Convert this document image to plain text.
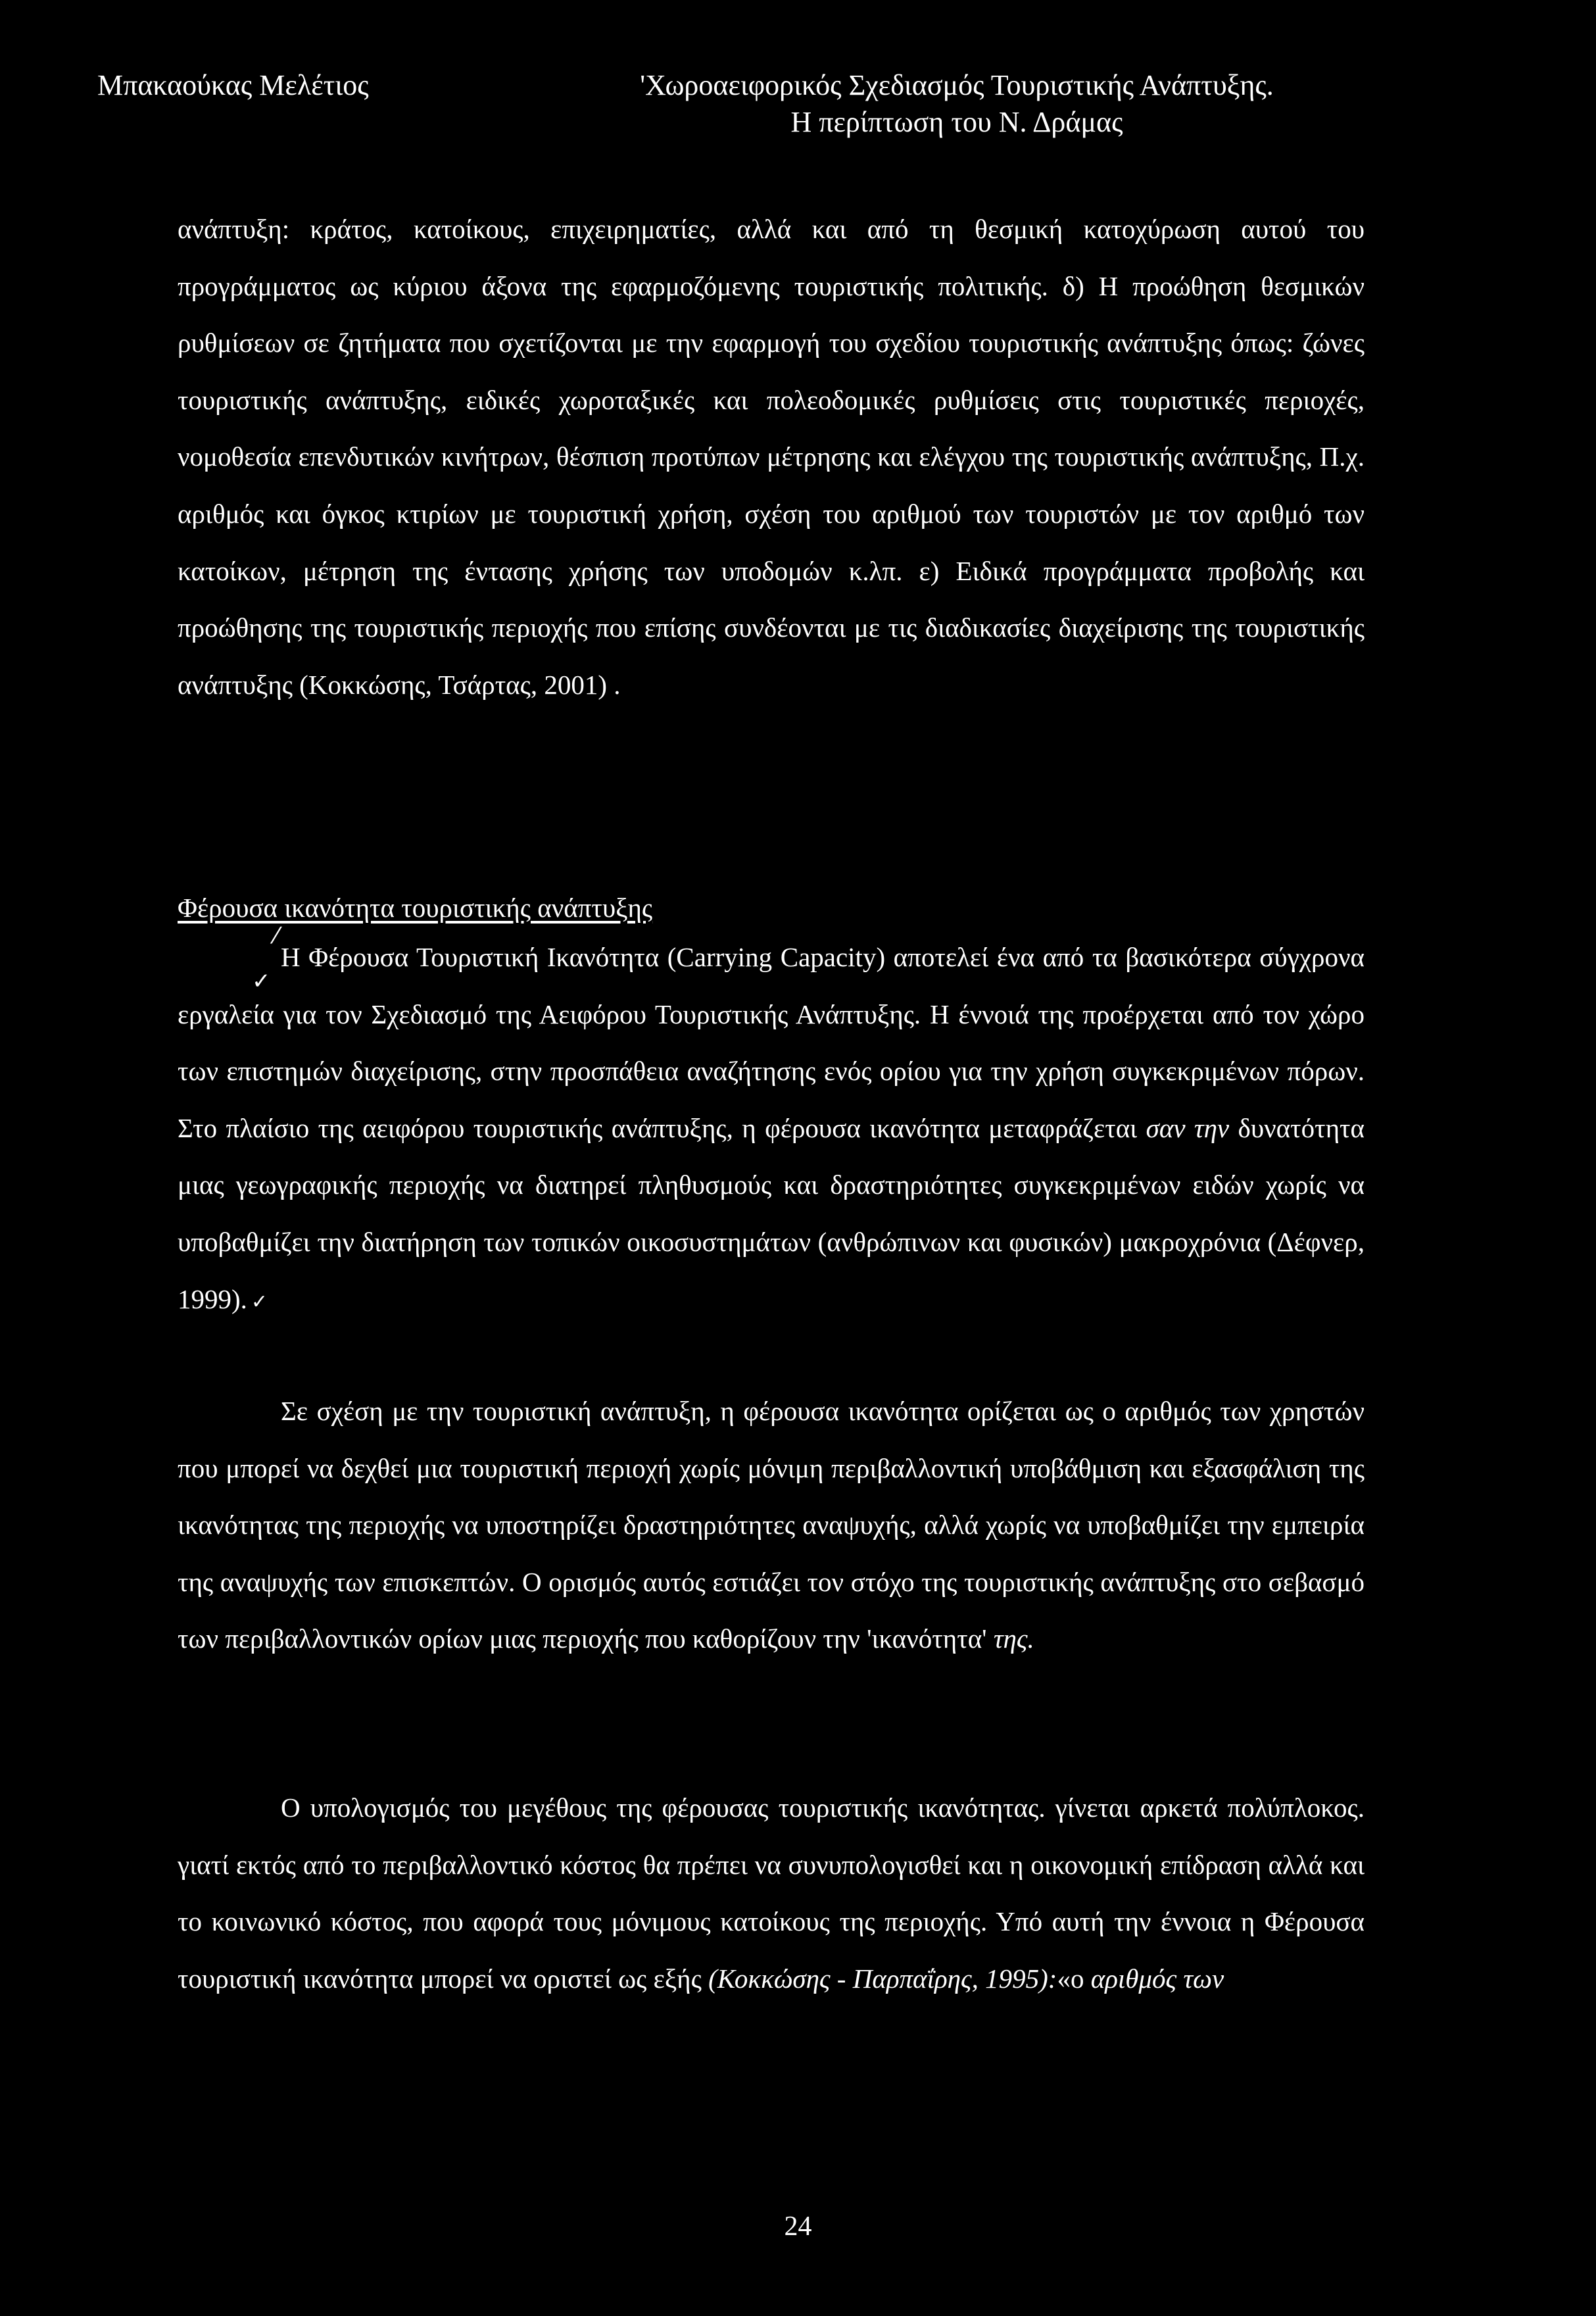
Μπακαούκας Μελέτιος	'Χωροαειφορικός Σχεδιασμός Τουριστικής Ανάπτυξης.
Η περίπτωση του Ν. Δράμας
ανάπτυξη: κράτος, κατοίκους, επιχειρηματίες, αλλά και από τη θεσμική κατοχύρωση αυτού του προγράμματος ως κύριου άξονα της εφαρμοζόμενης τουριστικής πολιτικής. δ) Η προώθηση θεσμικών ρυθμίσεων σε ζητήματα που σχετίζονται με την εφαρμογή του σχεδίου τουριστικής ανάπτυξης όπως: ζώνες τουριστικής ανάπτυξης, ειδικές χωροταξικές και πολεοδομικές ρυθμίσεις στις τουριστικές περιοχές, νομοθεσία επενδυτικών κινήτρων, θέσπιση προτύπων μέτρησης και ελέγχου της τουριστικής ανάπτυξης, Π.χ. αριθμός και όγκος κτιρίων με τουριστική χρήση, σχέση του αριθμού των τουριστών με τον αριθμό των κατοίκων, μέτρηση της έντασης χρήσης των υποδομών κ.λπ. ε) Ειδικά προγράμματα προβολής και προώθησης της τουριστικής περιοχής που επίσης συνδέονται με τις διαδικασίες διαχείρισης της τουριστικής ανάπτυξης (Κοκκώσης, Τσάρτας, 2001) .
Φέρουσα ικανότητα τουριστικής ανάπτυξης
⁄
✓
Η Φέρουσα Τουριστική Ικανότητα (Carrying Capacity) αποτελεί ένα από τα βασικότερα σύγχρονα εργαλεία για τον Σχεδιασμό της Αειφόρου Τουριστικής Ανάπτυξης. Η έννοιά της προέρχεται από τον χώρο των επιστημών διαχείρισης, στην προσπάθεια αναζήτησης ενός ορίου για την χρήση συγκεκριμένων πόρων. Στο πλαίσιο της αειφόρου τουριστικής ανάπτυξης, η φέρουσα ικανότητα μεταφράζεται σαν την δυνατότητα μιας γεωγραφικής περιοχής να διατηρεί πληθυσμούς και δραστηριότητες συγκεκριμένων ειδών χωρίς να υποβαθμίζει την διατήρηση των τοπικών οικοσυστημάτων (ανθρώπινων και φυσικών) μακροχρόνια (Δέφνερ, 1999). ✓
Σε σχέση με την τουριστική ανάπτυξη, η φέρουσα ικανότητα ορίζεται ως ο αριθμός των χρηστών που μπορεί να δεχθεί μια τουριστική περιοχή χωρίς μόνιμη περιβαλλοντική υποβάθμιση και εξασφάλιση της ικανότητας της περιοχής να υποστηρίζει δραστηριότητες αναψυχής, αλλά χωρίς να υποβαθμίζει την εμπειρία της αναψυχής των επισκεπτών. Ο ορισμός αυτός εστιάζει τον στόχο της τουριστικής ανάπτυξης στο σεβασμό των περιβαλλοντικών ορίων μιας περιοχής που καθορίζουν την 'ικανότητα' της.
Ο υπολογισμός του μεγέθους της φέρουσας τουριστικής ικανότητας. γίνεται αρκετά πολύπλοκος. γιατί εκτός από το περιβαλλοντικό κόστος θα πρέπει να συνυπολογισθεί και η οικονομική επίδραση αλλά και το κοινωνικό κόστος, που αφορά τους μόνιμους κατοίκους της περιοχής. Υπό αυτή την έννοια η Φέρουσα τουριστική ικανότητα μπορεί να οριστεί ως εξής (Κοκκώσης - Παρπαΐρης, 1995):«ο αριθμός των
24
